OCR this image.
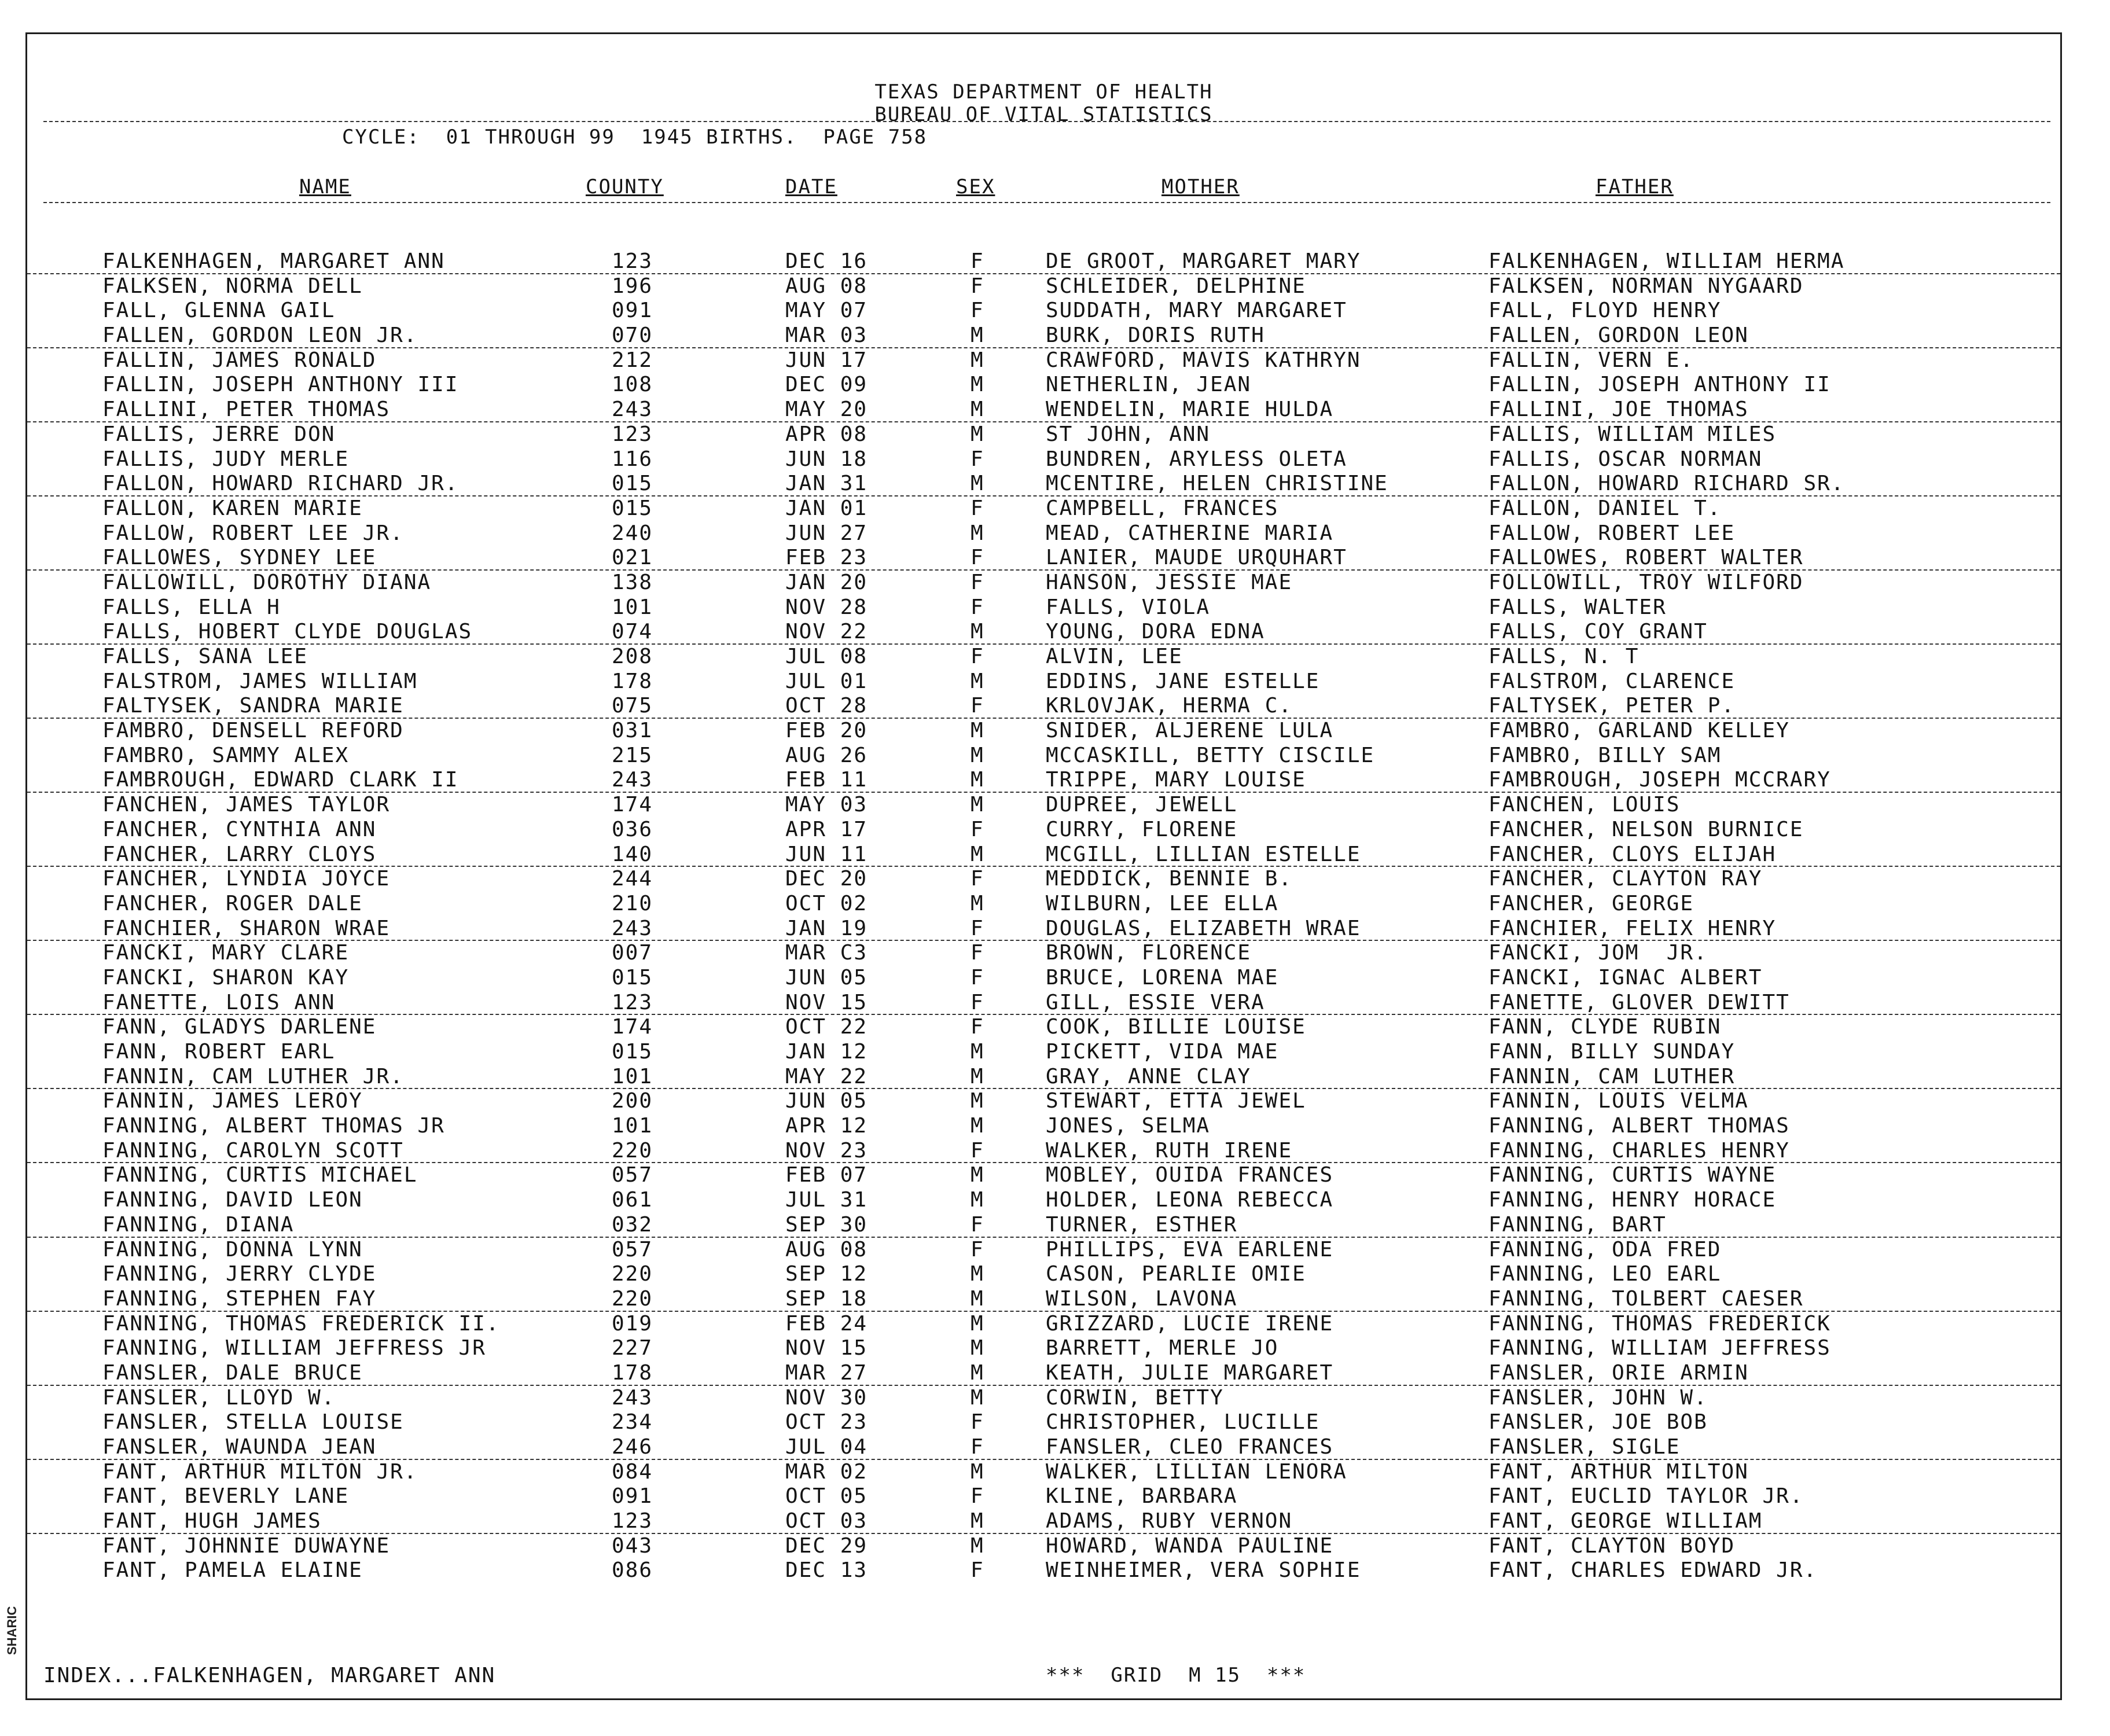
TEXAS DEPARTMENT OF HEALTH
BUREAU OF VITAL STATISTICS
CYCLE:  01 THROUGH 99  1945 BIRTHS.  PAGE 758
NAME	COUNTY	DATE	SEX	MOTHER	FATHER
FALKENHAGEN, MARGARET ANN	123	DEC 16	F	DE GROOT, MARGARET MARY	FALKENHAGEN, WILLIAM HERMA
FALKSEN, NORMA DELL	196	AUG 08	F	SCHLEIDER, DELPHINE	FALKSEN, NORMAN NYGAARD
FALL, GLENNA GAIL	091	MAY 07	F	SUDDATH, MARY MARGARET	FALL, FLOYD HENRY
FALLEN, GORDON LEON JR.	070	MAR 03	M	BURK, DORIS RUTH	FALLEN, GORDON LEON
FALLIN, JAMES RONALD	212	JUN 17	M	CRAWFORD, MAVIS KATHRYN	FALLIN, VERN E.
FALLIN, JOSEPH ANTHONY III	108	DEC 09	M	NETHERLIN, JEAN	FALLIN, JOSEPH ANTHONY II
FALLINI, PETER THOMAS	243	MAY 20	M	WENDELIN, MARIE HULDA	FALLINI, JOE THOMAS
FALLIS, JERRE DON	123	APR 08	M	ST JOHN, ANN	FALLIS, WILLIAM MILES
FALLIS, JUDY MERLE	116	JUN 18	F	BUNDREN, ARYLESS OLETA	FALLIS, OSCAR NORMAN
FALLON, HOWARD RICHARD JR.	015	JAN 31	M	MCENTIRE, HELEN CHRISTINE	FALLON, HOWARD RICHARD SR.
FALLON, KAREN MARIE	015	JAN 01	F	CAMPBELL, FRANCES	FALLON, DANIEL T.
FALLOW, ROBERT LEE JR.	240	JUN 27	M	MEAD, CATHERINE MARIA	FALLOW, ROBERT LEE
FALLOWES, SYDNEY LEE	021	FEB 23	F	LANIER, MAUDE URQUHART	FALLOWES, ROBERT WALTER
FALLOWILL, DOROTHY DIANA	138	JAN 20	F	HANSON, JESSIE MAE	FOLLOWILL, TROY WILFORD
FALLS, ELLA H	101	NOV 28	F	FALLS, VIOLA	FALLS, WALTER
FALLS, HOBERT CLYDE DOUGLAS	074	NOV 22	M	YOUNG, DORA EDNA	FALLS, COY GRANT
FALLS, SANA LEE	208	JUL 08	F	ALVIN, LEE	FALLS, N. T
FALSTROM, JAMES WILLIAM	178	JUL 01	M	EDDINS, JANE ESTELLE	FALSTROM, CLARENCE
FALTYSEK, SANDRA MARIE	075	OCT 28	F	KRLOVJAK, HERMA C.	FALTYSEK, PETER P.
FAMBRO, DENSELL REFORD	031	FEB 20	M	SNIDER, ALJERENE LULA	FAMBRO, GARLAND KELLEY
FAMBRO, SAMMY ALEX	215	AUG 26	M	MCCASKILL, BETTY CISCILE	FAMBRO, BILLY SAM
FAMBROUGH, EDWARD CLARK II	243	FEB 11	M	TRIPPE, MARY LOUISE	FAMBROUGH, JOSEPH MCCRARY
FANCHEN, JAMES TAYLOR	174	MAY 03	M	DUPREE, JEWELL	FANCHEN, LOUIS
FANCHER, CYNTHIA ANN	036	APR 17	F	CURRY, FLORENE	FANCHER, NELSON BURNICE
FANCHER, LARRY CLOYS	140	JUN 11	M	MCGILL, LILLIAN ESTELLE	FANCHER, CLOYS ELIJAH
FANCHER, LYNDIA JOYCE	244	DEC 20	F	MEDDICK, BENNIE B.	FANCHER, CLAYTON RAY
FANCHER, ROGER DALE	210	OCT 02	M	WILBURN, LEE ELLA	FANCHER, GEORGE
FANCHIER, SHARON WRAE	243	JAN 19	F	DOUGLAS, ELIZABETH WRAE	FANCHIER, FELIX HENRY
FANCKI, MARY CLARE	007	MAR C3	F	BROWN, FLORENCE	FANCKI, JOM  JR.
FANCKI, SHARON KAY	015	JUN 05	F	BRUCE, LORENA MAE	FANCKI, IGNAC ALBERT
FANETTE, LOIS ANN	123	NOV 15	F	GILL, ESSIE VERA	FANETTE, GLOVER DEWITT
FANN, GLADYS DARLENE	174	OCT 22	F	COOK, BILLIE LOUISE	FANN, CLYDE RUBIN
FANN, ROBERT EARL	015	JAN 12	M	PICKETT, VIDA MAE	FANN, BILLY SUNDAY
FANNIN, CAM LUTHER JR.	101	MAY 22	M	GRAY, ANNE CLAY	FANNIN, CAM LUTHER
FANNIN, JAMES LEROY	200	JUN 05	M	STEWART, ETTA JEWEL	FANNIN, LOUIS VELMA
FANNING, ALBERT THOMAS JR	101	APR 12	M	JONES, SELMA	FANNING, ALBERT THOMAS
FANNING, CAROLYN SCOTT	220	NOV 23	F	WALKER, RUTH IRENE	FANNING, CHARLES HENRY
FANNING, CURTIS MICHAEL	057	FEB 07	M	MOBLEY, OUIDA FRANCES	FANNING, CURTIS WAYNE
FANNING, DAVID LEON	061	JUL 31	M	HOLDER, LEONA REBECCA	FANNING, HENRY HORACE
FANNING, DIANA	032	SEP 30	F	TURNER, ESTHER	FANNING, BART
FANNING, DONNA LYNN	057	AUG 08	F	PHILLIPS, EVA EARLENE	FANNING, ODA FRED
FANNING, JERRY CLYDE	220	SEP 12	M	CASON, PEARLIE OMIE	FANNING, LEO EARL
FANNING, STEPHEN FAY	220	SEP 18	M	WILSON, LAVONA	FANNING, TOLBERT CAESER
FANNING, THOMAS FREDERICK II.	019	FEB 24	M	GRIZZARD, LUCIE IRENE	FANNING, THOMAS FREDERICK
FANNING, WILLIAM JEFFRESS JR	227	NOV 15	M	BARRETT, MERLE JO	FANNING, WILLIAM JEFFRESS
FANSLER, DALE BRUCE	178	MAR 27	M	KEATH, JULIE MARGARET	FANSLER, ORIE ARMIN
FANSLER, LLOYD W.	243	NOV 30	M	CORWIN, BETTY	FANSLER, JOHN W.
FANSLER, STELLA LOUISE	234	OCT 23	F	CHRISTOPHER, LUCILLE	FANSLER, JOE BOB
FANSLER, WAUNDA JEAN	246	JUL 04	F	FANSLER, CLEO FRANCES	FANSLER, SIGLE
FANT, ARTHUR MILTON JR.	084	MAR 02	M	WALKER, LILLIAN LENORA	FANT, ARTHUR MILTON
FANT, BEVERLY LANE	091	OCT 05	F	KLINE, BARBARA	FANT, EUCLID TAYLOR JR.
FANT, HUGH JAMES	123	OCT 03	M	ADAMS, RUBY VERNON	FANT, GEORGE WILLIAM
FANT, JOHNNIE DUWAYNE	043	DEC 29	M	HOWARD, WANDA PAULINE	FANT, CLAYTON BOYD
FANT, PAMELA ELAINE	086	DEC 13	F	WEINHEIMER, VERA SOPHIE	FANT, CHARLES EDWARD JR.
INDEX...FALKENHAGEN, MARGARET ANN	***  GRID  M 15  ***
SHARIC
